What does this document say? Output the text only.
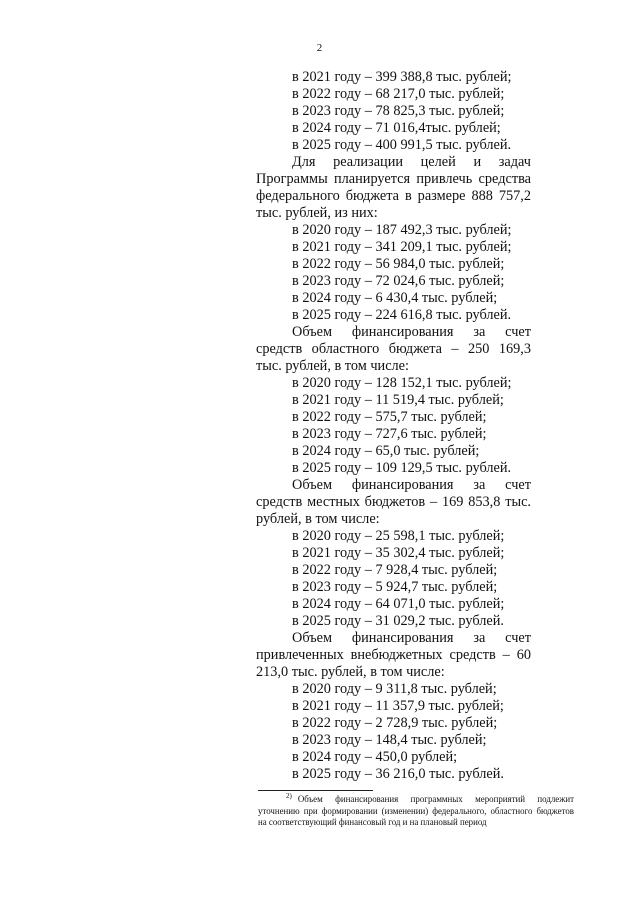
2
в 2021 году – 399 388,8 тыс. рублей;
в 2022 году – 68 217,0 тыс. рублей;
в 2023 году – 78 825,3 тыс. рублей;
в 2024 году – 71 016,4тыс. рублей;
в 2025 году – 400 991,5 тыс. рублей.
Для реализации целей и задач Программы планируется привлечь средства федерального бюджета в размере 888 757,2 тыс. рублей, из них:
в 2020 году – 187 492,3 тыс. рублей;
в 2021 году – 341 209,1 тыс. рублей;
в 2022 году – 56 984,0 тыс. рублей;
в 2023 году – 72 024,6 тыс. рублей;
в 2024 году – 6 430,4 тыс. рублей;
в 2025 году – 224 616,8 тыс. рублей.
Объем финансирования за счет средств областного бюджета – 250 169,3 тыс. рублей, в том числе:
в 2020 году – 128 152,1 тыс. рублей;
в 2021 году – 11 519,4 тыс. рублей;
в 2022 году – 575,7 тыс. рублей;
в 2023 году – 727,6 тыс. рублей;
в 2024 году – 65,0 тыс. рублей;
в 2025 году – 109 129,5 тыс. рублей.
Объем финансирования за счет средств местных бюджетов – 169 853,8 тыс. рублей, в том числе:
в 2020 году – 25 598,1 тыс. рублей;
в 2021 году – 35 302,4 тыс. рублей;
в 2022 году – 7 928,4 тыс. рублей;
в 2023 году – 5 924,7 тыс. рублей;
в 2024 году – 64 071,0 тыс. рублей;
в 2025 году – 31 029,2 тыс. рублей.
Объем финансирования за счет привлеченных внебюджетных средств – 60 213,0 тыс. рублей, в том числе:
в 2020 году – 9 311,8 тыс. рублей;
в 2021 году – 11 357,9 тыс. рублей;
в 2022 году – 2 728,9 тыс. рублей;
в 2023 году – 148,4 тыс. рублей;
в 2024 году – 450,0 рублей;
в 2025 году – 36 216,0 тыс. рублей.
$^{2)}$ Объем финансирования программных мероприятий подлежит уточнению при формировании (изменении) федерального, областного бюджетов на соответствующий финансовый год и на плановый период
